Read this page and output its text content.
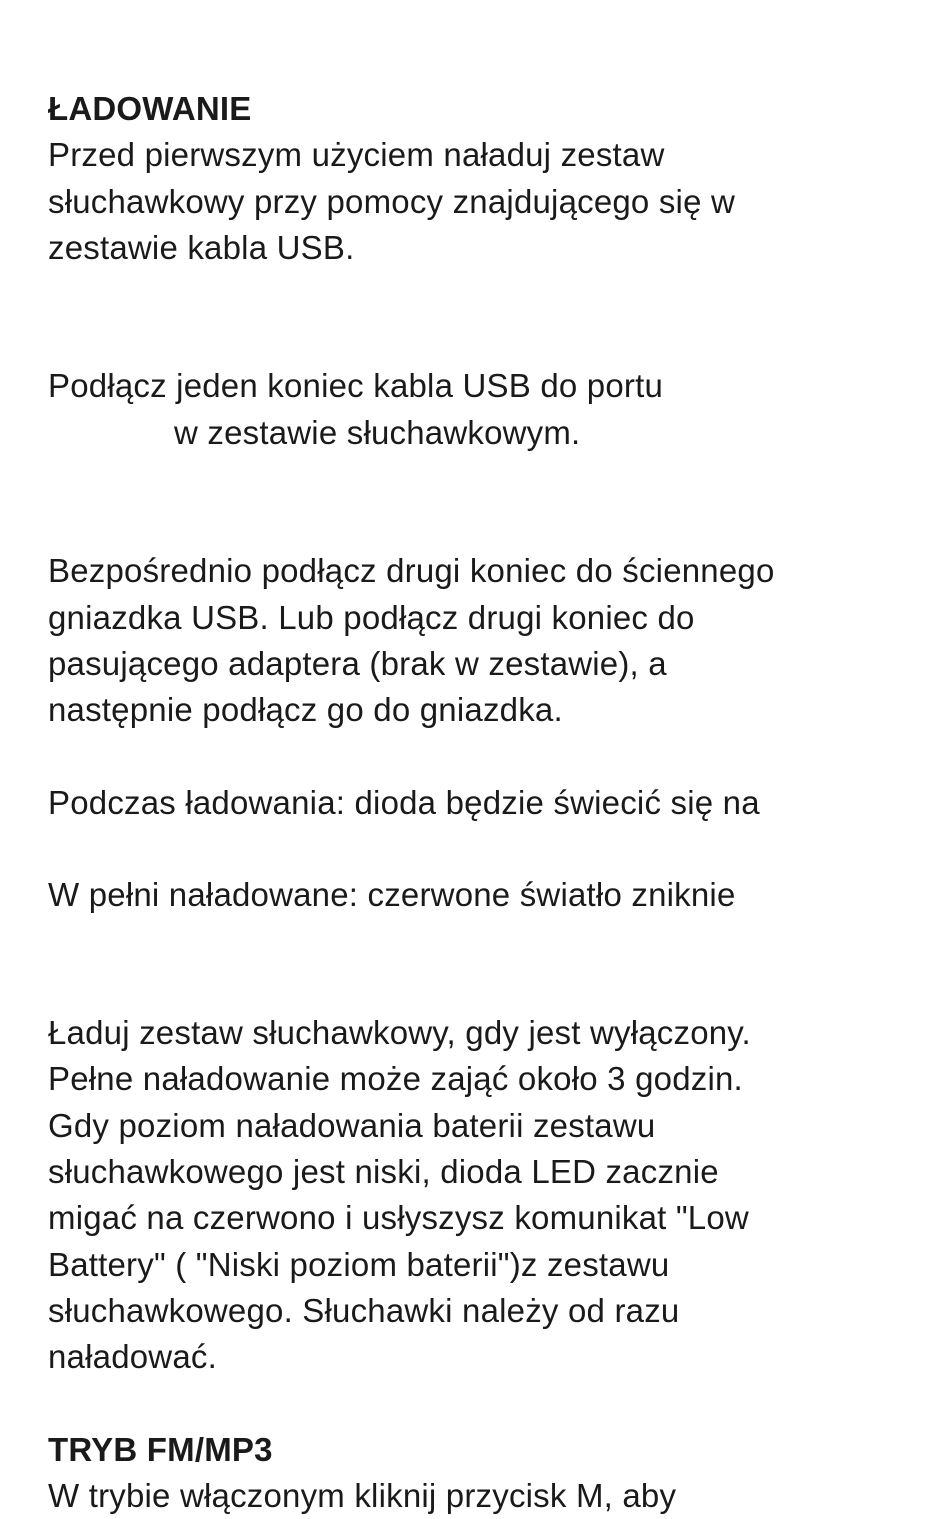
ŁADOWANIE

Przed pierwszym użyciem naładuj zestaw
słuchawkowy przy pomocy znajdującego się w
zestawie kabla USB.

Podłącz jeden koniec kabla USB do portu

w zestawie słuchawkowym.

Bezpośrednio podłącz drugi koniec do ściennego
gniazdka USB. Lub podłącz drugi koniec do
pasującego adaptera (brak w zestawie), a
następnie podłącz go do gniazdka.

Podczas ładowania: dioda będzie świecić się na

W pełni naładowane: czerwone światło zniknie

Ładuj zestaw słuchawkowy, gdy jest wyłączony.
Pełne naładowanie może zająć około 3 godzin.
Gdy poziom naładowania baterii zestawu
słuchawkowego jest niski, dioda LED zacznie
migać na czerwono i usłyszysz komunikat "Low
Battery" ( "Niski poziom baterii")z zestawu
słuchawkowego. Słuchawki należy od razu
naładować.

TRYB FM/MP3

W trybie włączonym kliknij przycisk M, aby
